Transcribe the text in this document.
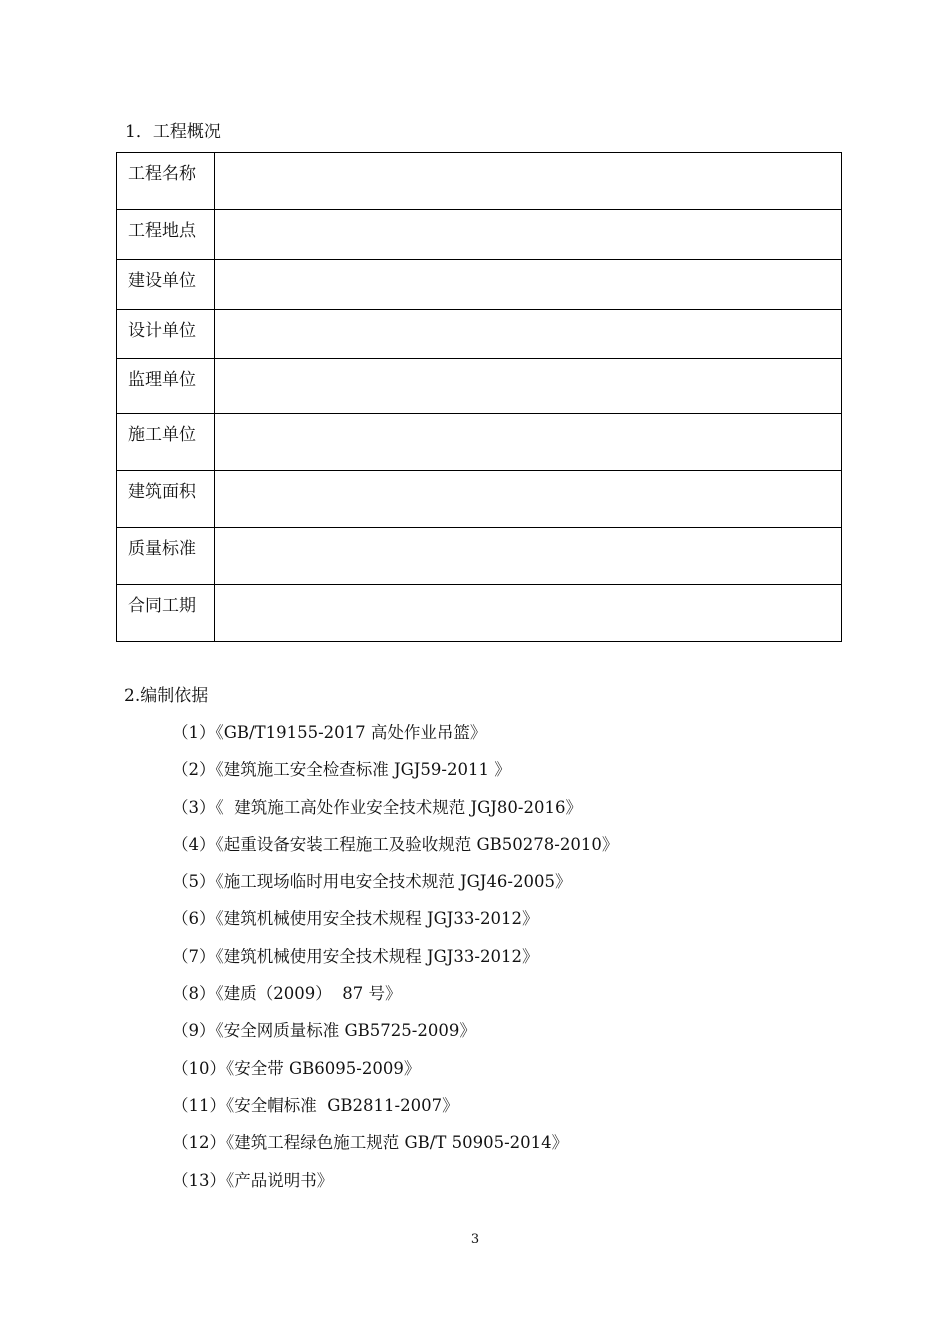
1．工程概况
工程名称	
工程地点	
建设单位	
设计单位	
监理单位	
施工单位	
建筑面积	
质量标准	
合同工期	
2.编制依据
（1）《GB/T19155-2017 高处作业吊篮》
（2）《建筑施工安全检查标准 JGJ59-2011 》
（3）《  建筑施工高处作业安全技术规范 JGJ80-2016》
（4）《起重设备安装工程施工及验收规范 GB50278-2010》
（5）《施工现场临时用电安全技术规范 JGJ46-2005》
（6）《建筑机械使用安全技术规程 JGJ33-2012》
（7）《建筑机械使用安全技术规程 JGJ33-2012》
（8）《建质（2009）  87 号》
（9）《安全网质量标准 GB5725-2009》
（10）《安全带 GB6095-2009》
（11）《安全帽标准  GB2811-2007》
（12）《建筑工程绿色施工规范 GB/T 50905-2014》
（13）《产品说明书》
3
